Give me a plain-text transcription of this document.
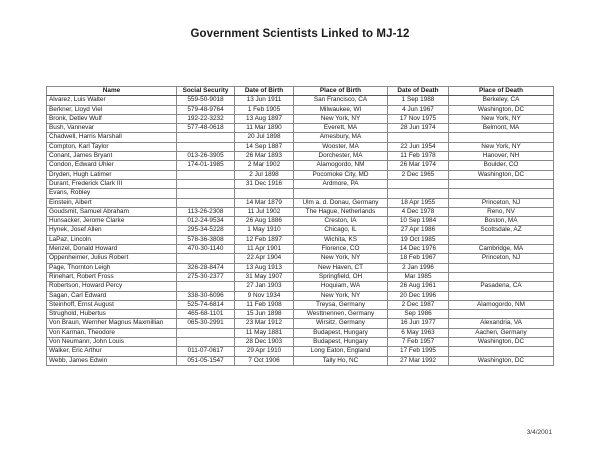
Government Scientists Linked to MJ-12
Name	Social Security	Date of Birth	Place of Birth	Date of Death	Place of Death
Alvarez, Luis Walter	559-50-9018	13 Jun 1911	San Francisco, CA	1 Sep 1988	Berkeley, CA
Berkner, Lloyd Viel	579-48-9764	1 Feb 1905	Milwaukee, WI	4 Jun 1967	Washington, DC
Bronk, Detlev Wulf	192-22-3232	13 Aug 1897	New York, NY	17 Nov 1975	New York, NY
Bush, Vannevar	577-48-0618	11 Mar 1890	Everett, MA	28 Jun 1974	Belmont, MA
Chadwell, Harris Marshall		20 Jul 1898	Amesbury, MA		
Compton, Karl Taylor		14 Sep 1887	Wooster, MA	22 Jun 1954	New York, NY
Conant, James Bryant	013-26-3905	26 Mar 1893	Dorchester, MA	11 Feb 1978	Hanover, NH
Condon, Edward Uhler	174-01-1985	2 Mar 1902	Alamogordo, NM	26 Mar 1974	Boulder, CO
Dryden, Hugh Latimer		2 Jul 1898	Pocomoke City, MD	2 Dec 1965	Washington, DC
Durant, Frederick Clark III		31 Dec 1916	Ardmore, PA		
Evans, Robley					
Einstein, Albert		14 Mar 1879	Ulm a. d. Donau, Germany	18 Apr 1955	Princeton, NJ
Goudsmit, Samuel Abraham	113-26-2308	11 Jul 1902	The Hague, Netherlands	4 Dec 1978	Reno, NV
Hunsacker, Jerome Clarke	012-24-9534	26 Aug 1886	Creston, IA	10 Sep 1984	Boston, MA
Hynek, Josef Allen	295-34-5228	1 May 1910	Chicago, IL	27 Apr 1986	Scottsdale, AZ
LaPaz, Lincoln	578-36-3808	12 Feb 1897	Wichita, KS	19 Oct 1985	
Menzel, Donald Howard	470-30-1140	11 Apr 1901	Florence, CO	14 Dec 1976	Cambridge, MA
Oppenheimer, Julius Robert		22 Apr 1904	New York, NY	18 Feb 1967	Princeton, NJ
Page, Thornton Leigh	326-28-8474	13 Aug 1913	New Haven, CT	2 Jan 1996	
Rinehart, Robert Fross	275-30-2377	31 May 1907	Springfield, OH	Mar 1985	
Robertson, Howard Percy		27 Jan 1903	Hoquiam, WA	26 Aug 1961	Pasadena, CA
Sagan, Carl Edward	338-30-6096	9 Nov 1934	New York, NY	20 Dec 1996	
Steinhoff, Ernst August	525-74-6814	11 Feb 1908	Treysa, Germany	2 Dec 1987	Alamogordo, NM
Strughold, Hubertus	465-68-1101	15 Jun 1898	Westtnennen, Germany	Sep 1986	
Von Braun, Wernher Magnus Maxmillian	065-30-2991	23 Mar 1912	Wirsitz, Germany	16 Jun 1977	Alexandria, VA
Von Karman, Theodore		11 May 1881	Budapest, Hungary	6 May 1963	Aachen, Germany
Von Neumann, John Louis		28 Dec 1903	Budapest, Hungary	7 Feb 1957	Washington, DC
Walker, Eric Arthur	011-07-0617	29 Apr 1910	Long Eaton, England	17 Feb 1995	
Webb, James Edwin	051-05-1547	7 Oct 1906	Tally Ho, NC	27 Mar 1992	Washington, DC
3/4/2001
